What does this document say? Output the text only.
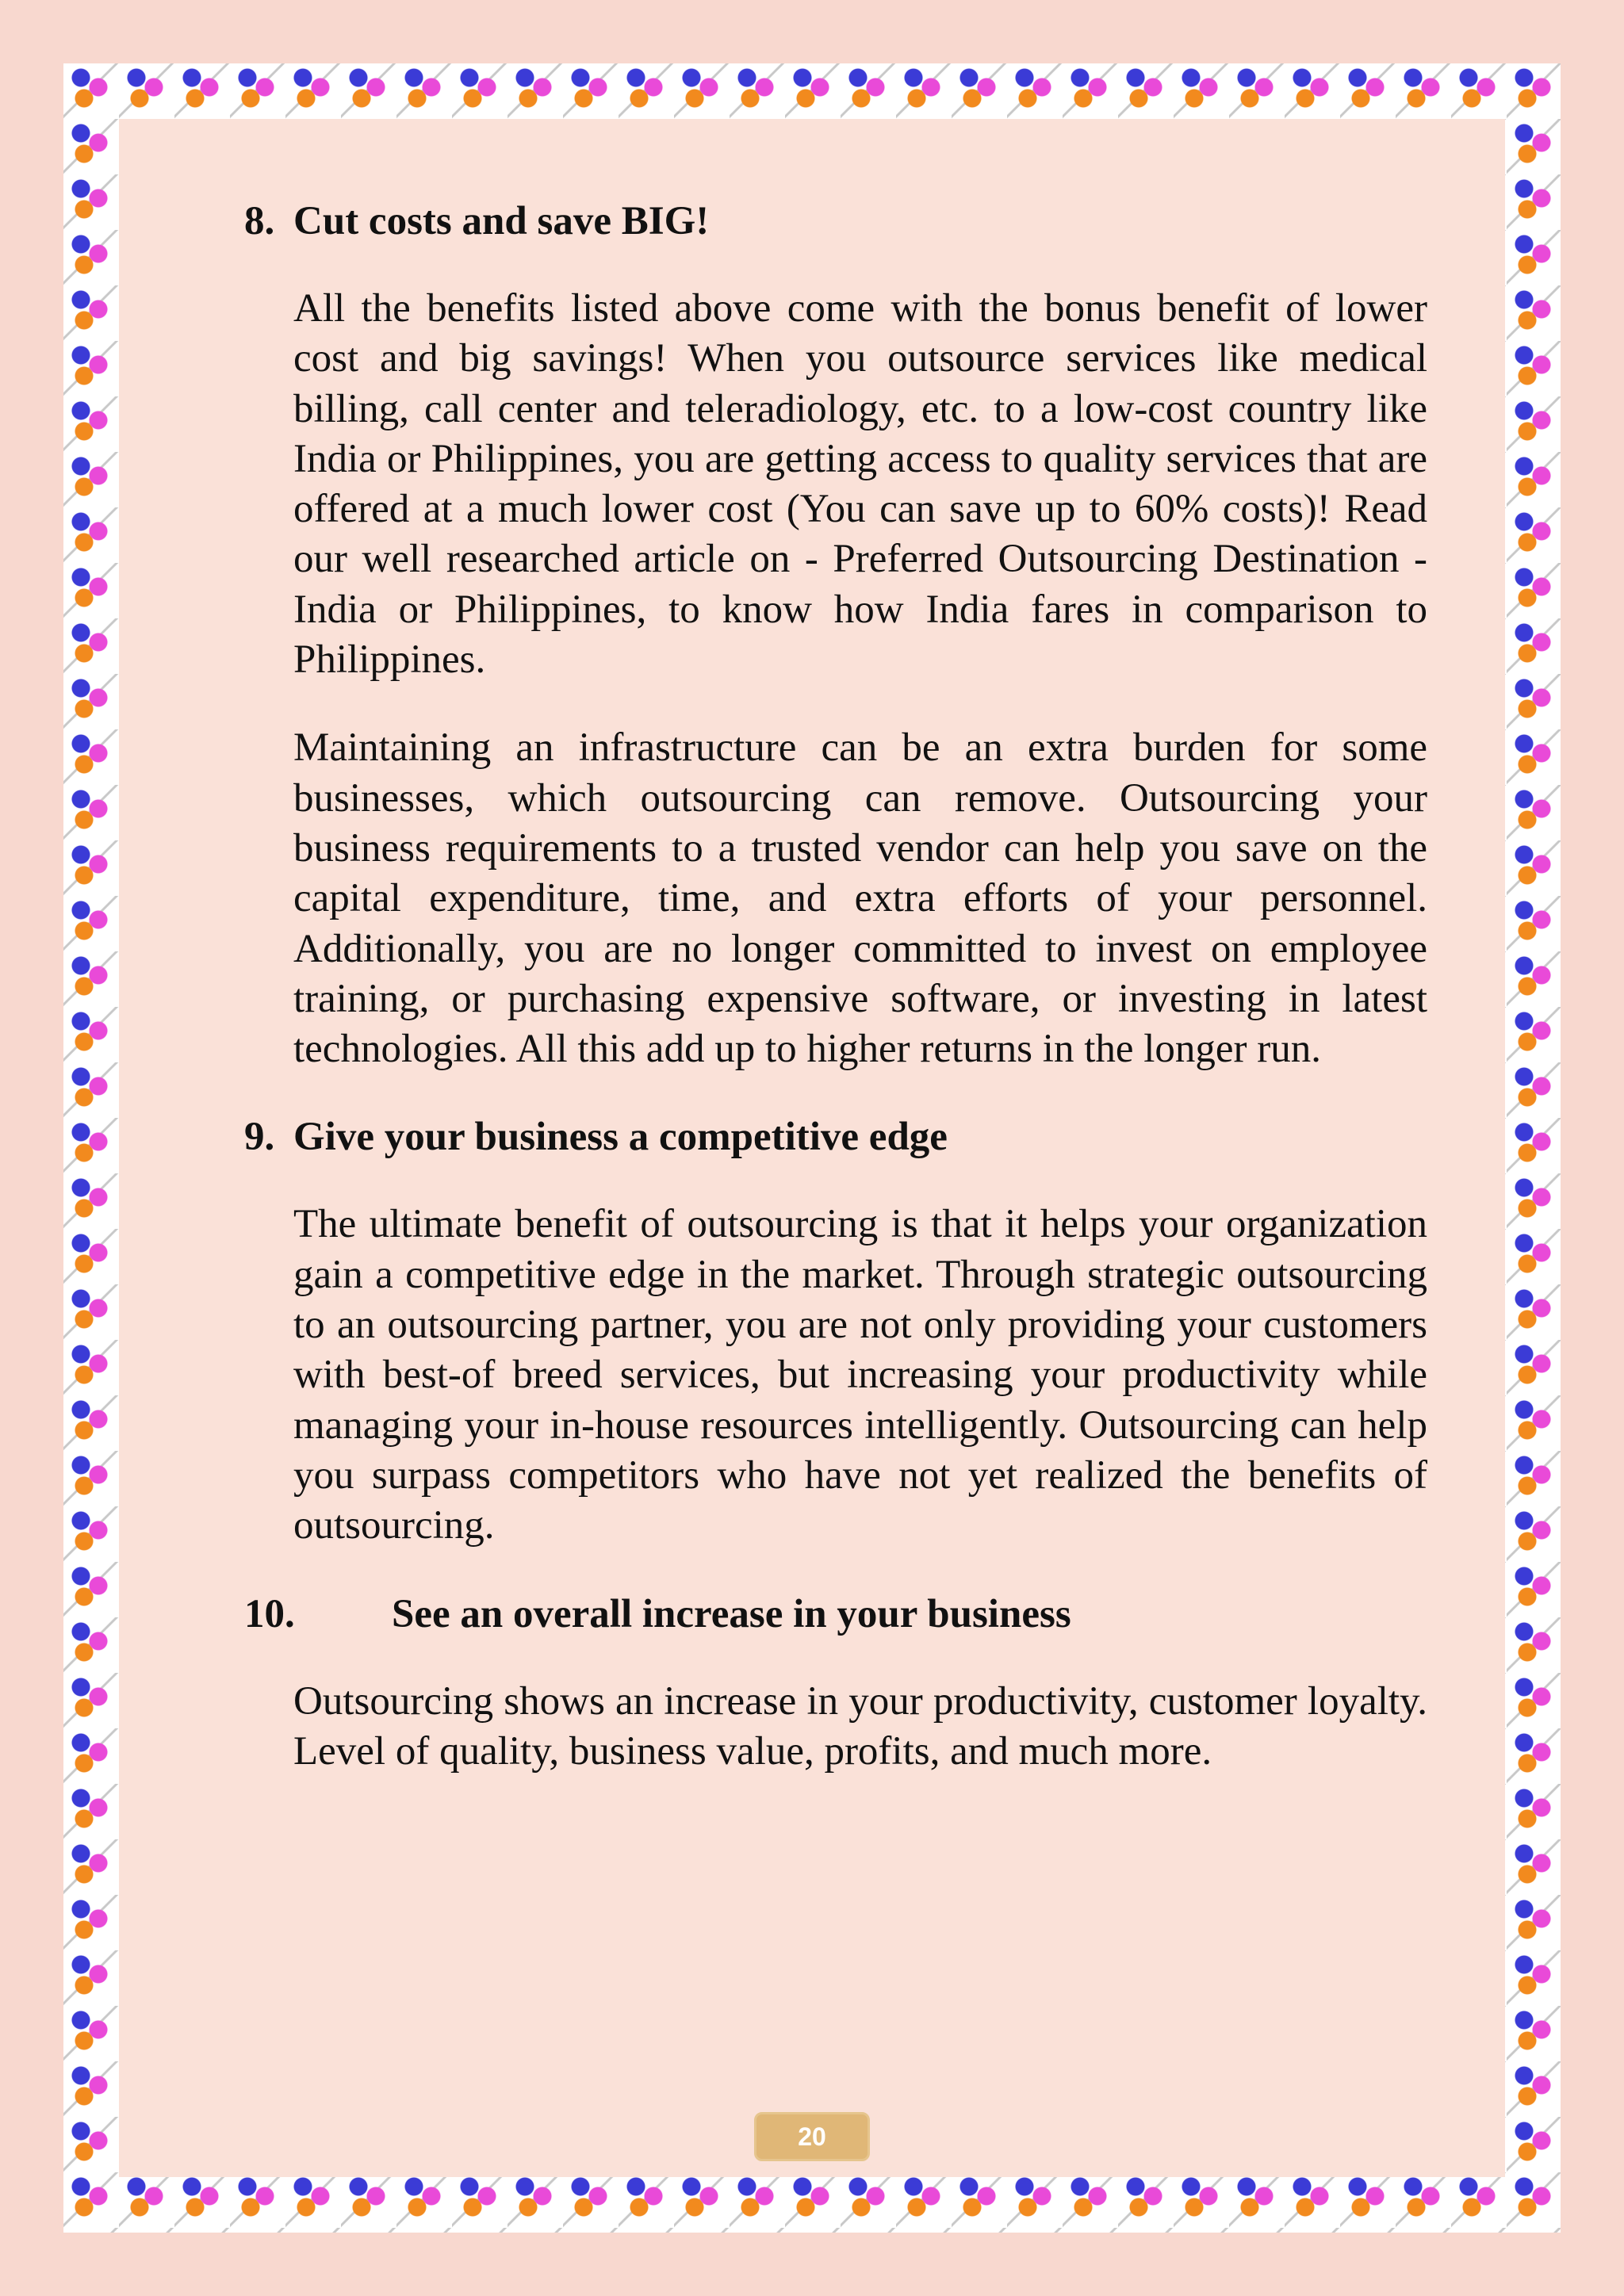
8. Cut costs and save BIG!

All the benefits listed above come with the bonus benefit of lower cost and big savings! When you outsource services like medical billing, call center and teleradiology, etc. to a low-cost country like India or Philippines, you are getting access to quality services that are offered at a much lower cost (You can save up to 60% costs)! Read our well researched article on - Preferred Outsourcing Destination - India or Philippines, to know how India fares in comparison to Philippines.

Maintaining an infrastructure can be an extra burden for some businesses, which outsourcing can remove. Outsourcing your business requirements to a trusted vendor can help you save on the capital expenditure, time, and extra efforts of your personnel. Additionally, you are no longer committed to invest on employee training, or purchasing expensive software, or investing in latest technologies. All this add up to higher returns in the longer run.

9. Give your business a competitive edge

The ultimate benefit of outsourcing is that it helps your organization gain a competitive edge in the market. Through strategic outsourcing to an outsourcing partner, you are not only providing your customers with best-of breed services, but increasing your productivity while managing your in-house resources intelligently. Outsourcing can help you surpass competitors who have not yet realized the benefits of outsourcing.

10.	See an overall increase in your business

Outsourcing shows an increase in your productivity, customer loyalty. Level of quality, business value, profits, and much more.

20
